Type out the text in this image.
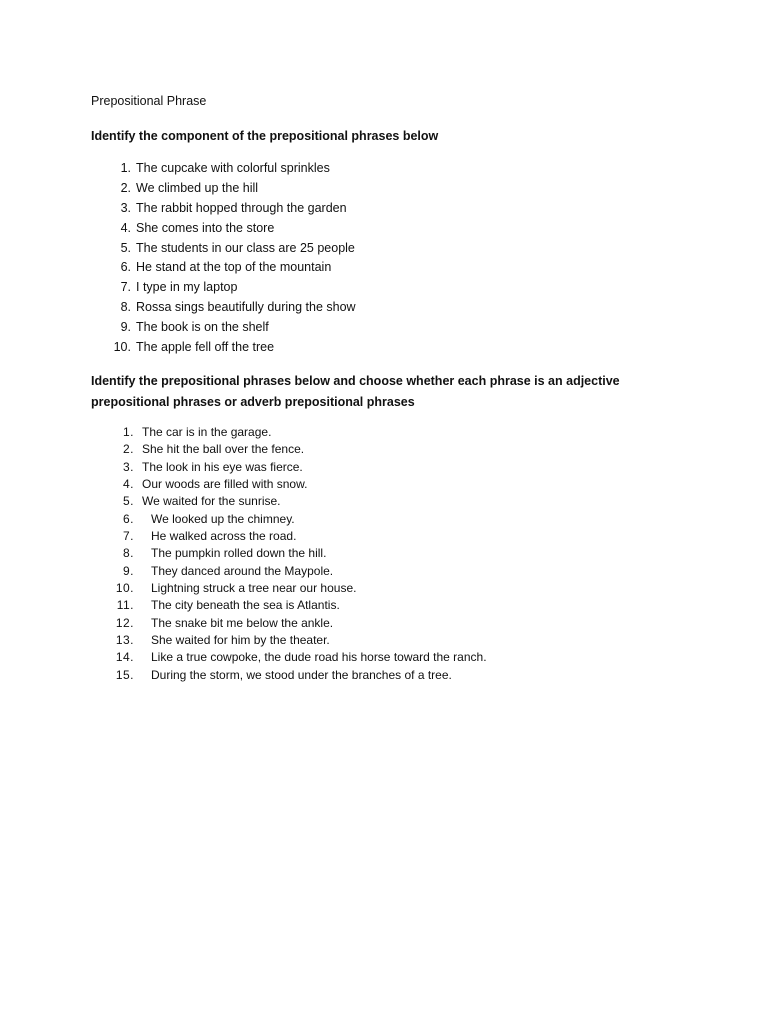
Prepositional Phrase
Identify the component of the prepositional phrases below
1. The cupcake with colorful sprinkles
2. We climbed up the hill
3. The rabbit hopped through the garden
4. She comes into the store
5. The students in our class are 25 people
6. He stand at the top of the mountain
7. I type in my laptop
8. Rossa sings beautifully during the show
9. The book is on the shelf
10. The apple fell off the tree
Identify the prepositional phrases below and choose whether each phrase is an adjective prepositional phrases or adverb prepositional phrases
1. The car is in the garage.
2. She hit the ball over the fence.
3. The look in his eye was fierce.
4. Our woods are filled with snow.
5. We waited for the sunrise.
6. We looked up the chimney.
7. He walked across the road.
8. The pumpkin rolled down the hill.
9. They danced around the Maypole.
10. Lightning struck a tree near our house.
11. The city beneath the sea is Atlantis.
12. The snake bit me below the ankle.
13. She waited for him by the theater.
14. Like a true cowpoke, the dude road his horse toward the ranch.
15. During the storm, we stood under the branches of a tree.
